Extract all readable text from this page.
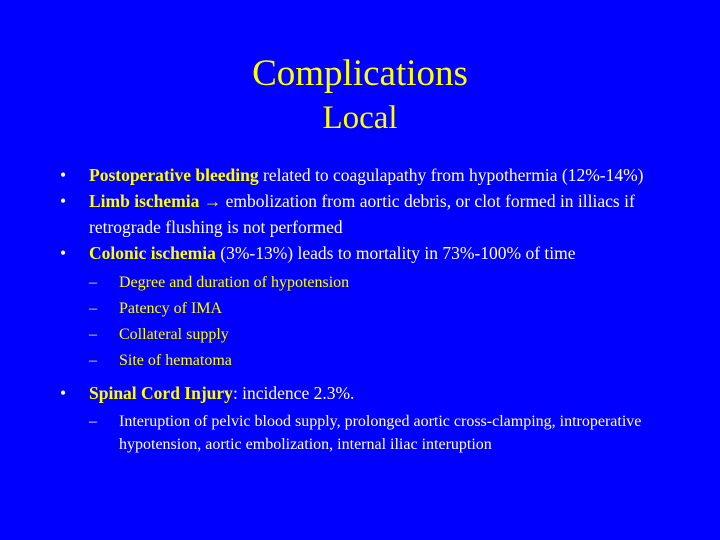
Complications
Local
• Postoperative bleeding related to coagulapathy from hypothermia (12%-14%)
• Limb ischemia → embolization from aortic debris, or clot formed in illiacs if retrograde flushing is not performed
• Colonic ischemia (3%-13%) leads to mortality in 73%-100% of time
– Degree and duration of hypotension
– Patency of IMA
– Collateral supply
– Site of hematoma
• Spinal Cord Injury: incidence 2.3%.
– Interuption of pelvic blood supply, prolonged aortic cross-clamping, introperative hypotension, aortic embolization, internal iliac interuption
